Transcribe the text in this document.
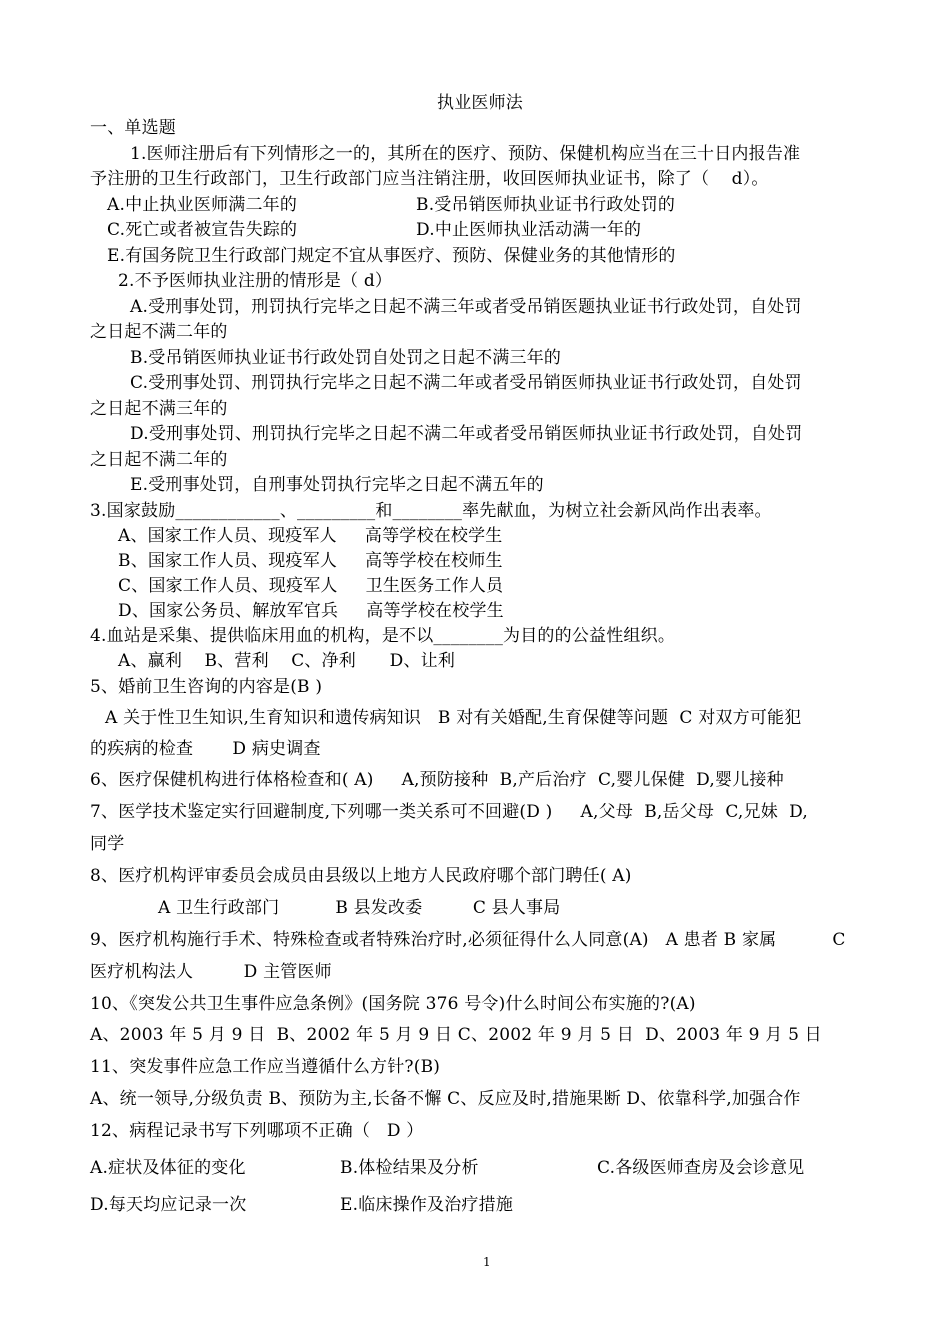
执业医师法
一、单选题
1.医师注册后有下列情形之一的，其所在的医疗、预防、保健机构应当在三十日内报告准
予注册的卫生行政部门，卫生行政部门应当注销注册，收回医师执业证书，除了（    d）。
A.中止执业医师满二年的	B.受吊销医师执业证书行政处罚的
C.死亡或者被宣告失踪的	D.中止医师执业活动满一年的
E.有国务院卫生行政部门规定不宜从事医疗、预防、保健业务的其他情形的
2.不予医师执业注册的情形是（ d）
A.受刑事处罚，刑罚执行完毕之日起不满三年或者受吊销医题执业证书行政处罚，自处罚
之日起不满二年的
B.受吊销医师执业证书行政处罚自处罚之日起不满三年的
C.受刑事处罚、刑罚执行完毕之日起不满二年或者受吊销医师执业证书行政处罚，自处罚
之日起不满三年的
D.受刑事处罚、刑罚执行完毕之日起不满二年或者受吊销医师执业证书行政处罚，自处罚
之日起不满二年的
E.受刑事处罚，自刑事处罚执行完毕之日起不满五年的
3.国家鼓励____________、_________和________率先献血，为树立社会新风尚作出表率。
A、国家工作人员、现疫军人     高等学校在校学生
B、国家工作人员、现疫军人     高等学校在校师生
C、国家工作人员、现疫军人     卫生医务工作人员
D、国家公务员、解放军官兵     高等学校在校学生
4.血站是采集、提供临床用血的机构，是不以________为目的的公益性组织。
A、赢利    B、营利    C、净利      D、让利
5、婚前卫生咨询的内容是(B )
A 关于性卫生知识,生育知识和遗传病知识   B 对有关婚配,生育保健等问题  C 对双方可能犯
的疾病的检查       D 病史调查
6、医疗保健机构进行体格检查和( A)     A,预防接种  B,产后治疗  C,婴儿保健  D,婴儿接种
7、医学技术鉴定实行回避制度,下列哪一类关系可不回避(D )     A,父母  B,岳父母  C,兄妹  D,
同学
8、医疗机构评审委员会成员由县级以上地方人民政府哪个部门聘任( A)
A 卫生行政部门          B 县发改委         C 县人事局
9、医疗机构施行手术、特殊检查或者特殊治疗时,必须征得什么人同意(A)   A 患者 B 家属          C
医疗机构法人         D 主管医师
10、《突发公共卫生事件应急条例》(国务院 376 号令)什么时间公布实施的?(A)
A、2003 年 5 月 9 日  B、2002 年 5 月 9 日 C、2002 年 9 月 5 日  D、2003 年 9 月 5 日
11、突发事件应急工作应当遵循什么方针?(B)
A、统一领导,分级负责 B、预防为主,长备不懈 C、反应及时,措施果断 D、依靠科学,加强合作
12、病程记录书写下列哪项不正确（   D ）
A.症状及体征的变化	B.体检结果及分析	C.各级医师查房及会诊意见
D.每天均应记录一次	E.临床操作及治疗措施
1
